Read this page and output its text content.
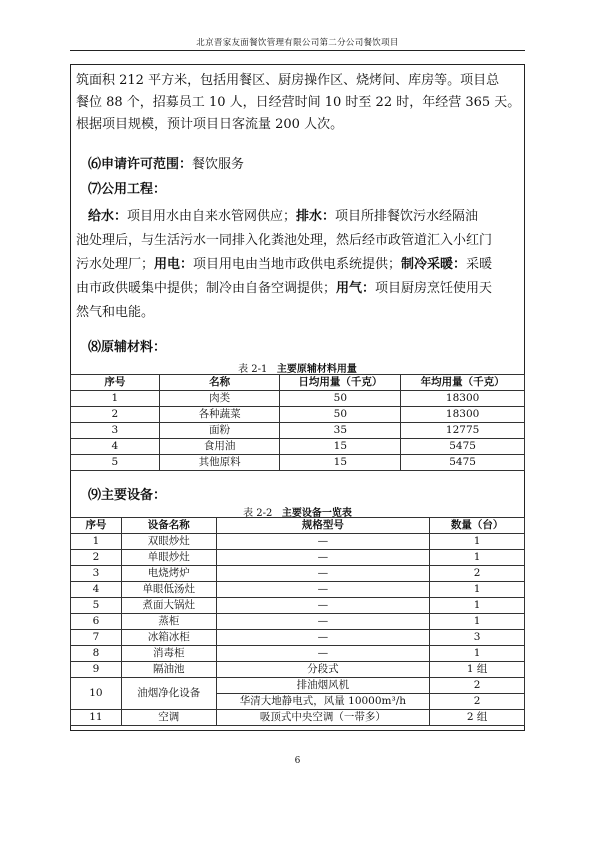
北京晋家友面餐饮管理有限公司第二分公司餐饮项目
筑面积 212 平方米，包括用餐区、厨房操作区、烧烤间、库房等。项目总
餐位 88 个，招募员工 10 人，日经营时间 10 时至 22 时，年经营 365 天。
根据项目规模，预计项目日客流量 200 人次。
⑹申请许可范围：餐饮服务
⑺公用工程：
给水：项目用水由自来水管网供应；排水：项目所排餐饮污水经隔油
池处理后，与生活污水一同排入化粪池处理，然后经市政管道汇入小红门
污水处理厂；用电：项目用电由当地市政供电系统提供；制冷采暖：采暖
由市政供暖集中提供；制冷由自备空调提供；用气：项目厨房烹饪使用天
然气和电能。
⑻原辅材料：
表 2-1 主要原辅材料用量
序号	名称	日均用量（千克）	年均用量（千克）
1	肉类	50	18300
2	各种蔬菜	50	18300
3	面粉	35	12775
4	食用油	15	5475
5	其他原料	15	5475
⑼主要设备：
表 2-2 主要设备一览表
序号	设备名称	规格型号	数量（台）
1	双眼炒灶	—	1
2	单眼炒灶	—	1
3	电烧烤炉	—	2
4	单眼低汤灶	—	1
5	煮面大锅灶	—	1
6	蒸柜	—	1
7	冰箱冰柜	—	3
8	消毒柜	—	1
9	隔油池	分段式	1 组
10	油烟净化设备	排油烟风机	2
		华清大地静电式，风量 10000m³/h	2
11	空调	吸顶式中央空调（一带多）	2 组
6
